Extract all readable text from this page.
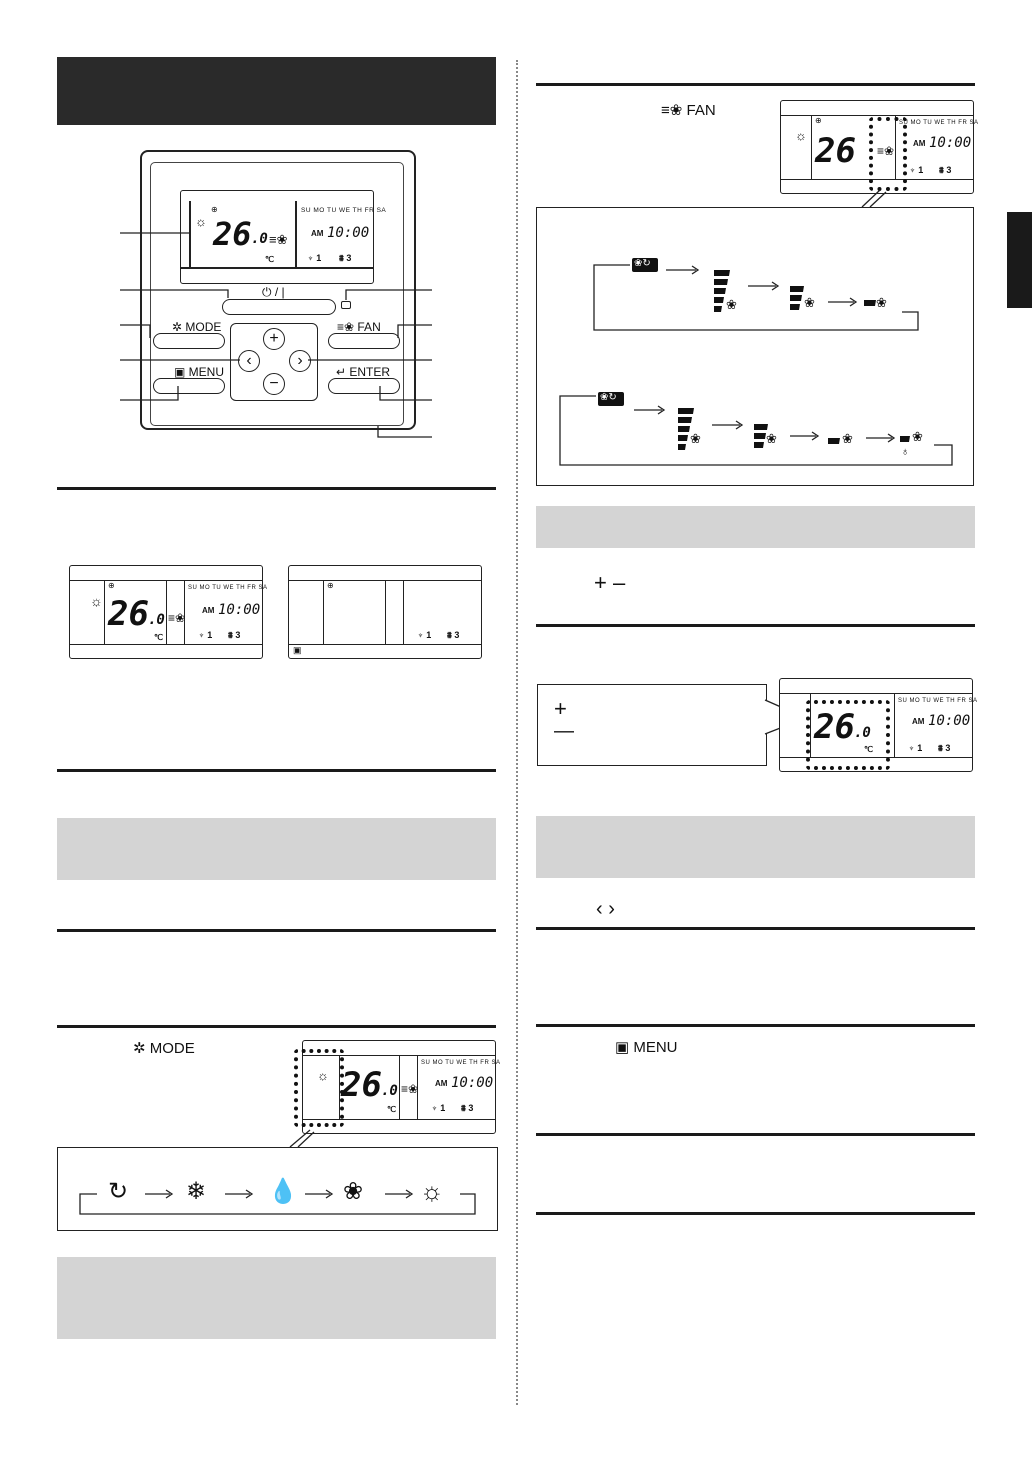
☼
⊕
26 .0
℃
≡❀
SU MO TU WE TH FR SA
AM 10:00
♆ 1 ⩩ 3
⏻ / |
✲ MODE	≡❀ FAN
▣ MENU	↵ ENTER
+
−
‹	›
☼
⊕
26 .0
℃
≡❀
SU MO TU WE TH FR SA
AM 10:00
♆ 1 ⩩ 3
⊕
♆ 1 ⩩ 3
▣
✲ MODE
☼ 26 .0
℃
≡❀
SU MO TU WE TH FR SA
AM 10:00
♆ 1 ⩩ 3
↻ ❄	💧 ❀ ☼
≡❀ FAN
☼
⊕
26 ≡❀
SU MO TU WE TH FR SA
AM 10:00
♆ 1 ⩩ 3
❀↻
❀↻
❀	❀	❀
❀	❀	❀	❀
♁
+ –
+
—	26 .0
℃
SU MO TU WE TH FR SA
AM 10:00
♆ 1 ⩩ 3
‹ ›
▣ MENU
